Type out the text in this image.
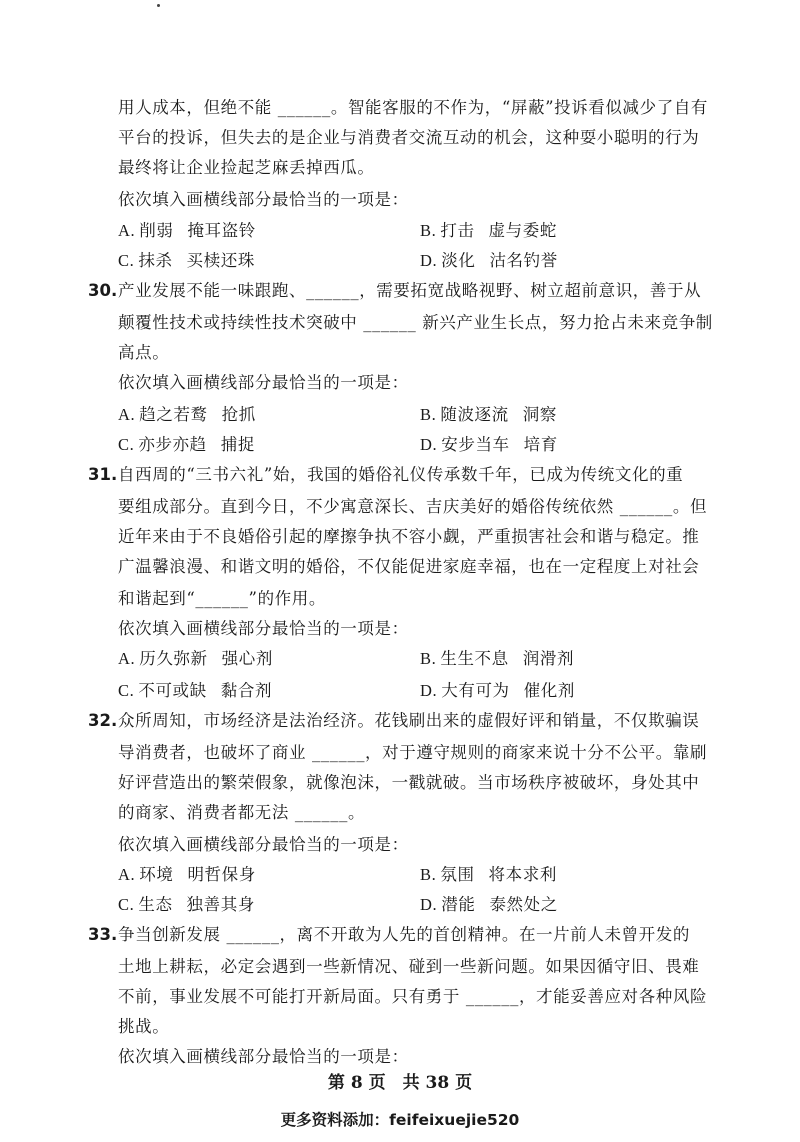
用人成本，但绝不能 ______。智能客服的不作为，“屏蔽”投诉看似减少了自有
平台的投诉，但失去的是企业与消费者交流互动的机会，这种耍小聪明的行为
最终将让企业捡起芝麻丢掉西瓜。
依次填入画横线部分最恰当的一项是：
A. 削弱 掩耳盗铃	B. 打击 虚与委蛇
C. 抹杀 买椟还珠	D. 淡化 沽名钓誉
30. 产业发展不能一味跟跑、______，需要拓宽战略视野、树立超前意识，善于从
颠覆性技术或持续性技术突破中 ______ 新兴产业生长点，努力抢占未来竞争制
高点。
依次填入画横线部分最恰当的一项是：
A. 趋之若鹜 抢抓	B. 随波逐流 洞察
C. 亦步亦趋 捕捉	D. 安步当车 培育
31. 自西周的“三书六礼”始，我国的婚俗礼仪传承数千年，已成为传统文化的重
要组成部分。直到今日，不少寓意深长、吉庆美好的婚俗传统依然 ______。但
近年来由于不良婚俗引起的摩擦争执不容小觑，严重损害社会和谐与稳定。推
广温馨浪漫、和谐文明的婚俗，不仅能促进家庭幸福，也在一定程度上对社会
和谐起到“______”的作用。
依次填入画横线部分最恰当的一项是：
A. 历久弥新 强心剂	B. 生生不息 润滑剂
C. 不可或缺 黏合剂	D. 大有可为 催化剂
32. 众所周知，市场经济是法治经济。花钱刷出来的虚假好评和销量，不仅欺骗误
导消费者，也破坏了商业 ______，对于遵守规则的商家来说十分不公平。靠刷
好评营造出的繁荣假象，就像泡沫，一戳就破。当市场秩序被破坏，身处其中
的商家、消费者都无法 ______。
依次填入画横线部分最恰当的一项是：
A. 环境 明哲保身	B. 氛围 将本求利
C. 生态 独善其身	D. 潜能 泰然处之
33. 争当创新发展 ______，离不开敢为人先的首创精神。在一片前人未曾开发的
土地上耕耘，必定会遇到一些新情况、碰到一些新问题。如果因循守旧、畏难
不前，事业发展不可能打开新局面。只有勇于 ______，才能妥善应对各种风险
挑战。
依次填入画横线部分最恰当的一项是：
第 8 页　共 38 页
更多资料添加：feifeixuejie520
